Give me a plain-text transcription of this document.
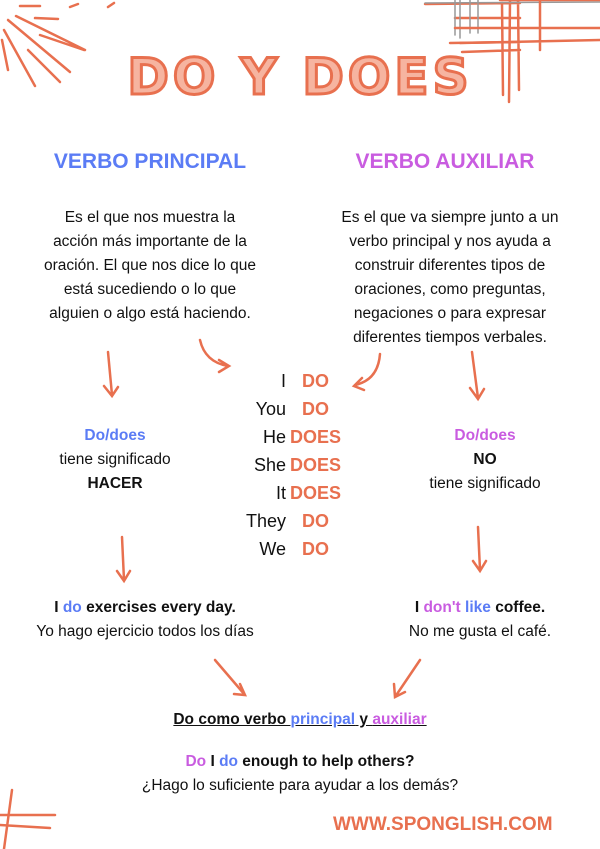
DO Y DOES
VERBO PRINCIPAL	VERBO AUXILIAR
Es el que nos muestra la
acción más importante de la
oración. El que nos dice lo que
está sucediendo o lo que
alguien o algo está haciendo.
Es el que va siempre junto a un
verbo principal y nos ayuda a
construir diferentes tipos de
oraciones, como preguntas,
negaciones o para expresar
diferentes tiempos verbales.
I DO
You DO
He DOES
She DOES
It DOES
They DO
We DO
Do/does
tiene significado
HACER
Do/does
NO
tiene significado
I do exercises every day.
Yo hago ejercicio todos los días
I don't like coffee.
No me gusta el café.
Do como verbo principal y auxiliar
Do I do enough to help others?
¿Hago lo suficiente para ayudar a los demás?
WWW.SPONGLISH.COM
